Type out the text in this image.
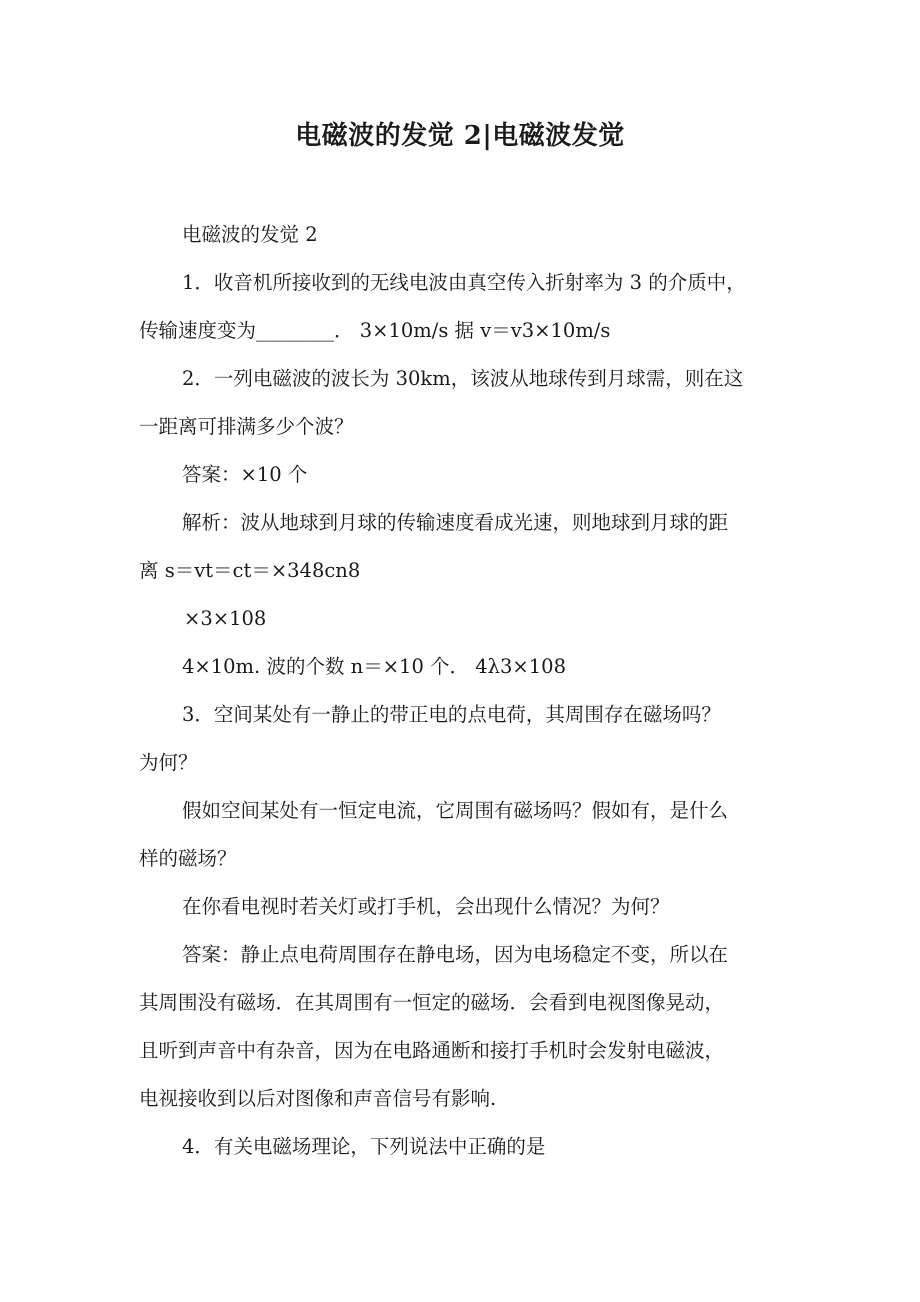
电磁波的发觉 2|电磁波发觉
电磁波的发觉 2
1．收音机所接收到的无线电波由真空传入折射率为 3 的介质中，
传输速度变为________． 3×10m/s 据 v＝v3×10m/s
2．一列电磁波的波长为 30km，该波从地球传到月球需，则在这
一距离可排满多少个波？
答案：×10 个
解析：波从地球到月球的传输速度看成光速，则地球到月球的距
离 s＝vt＝ct＝×348cn8
×3×108
4×10m. 波的个数 n＝×10 个． 4λ3×108
3．空间某处有一静止的带正电的点电荷，其周围存在磁场吗？
为何？
假如空间某处有一恒定电流，它周围有磁场吗？假如有，是什么
样的磁场？
在你看电视时若关灯或打手机，会出现什么情况？为何？
答案：静止点电荷周围存在静电场，因为电场稳定不变，所以在
其周围没有磁场．在其周围有一恒定的磁场．会看到电视图像晃动，
且听到声音中有杂音，因为在电路通断和接打手机时会发射电磁波，
电视接收到以后对图像和声音信号有影响.
4．有关电磁场理论，下列说法中正确的是
